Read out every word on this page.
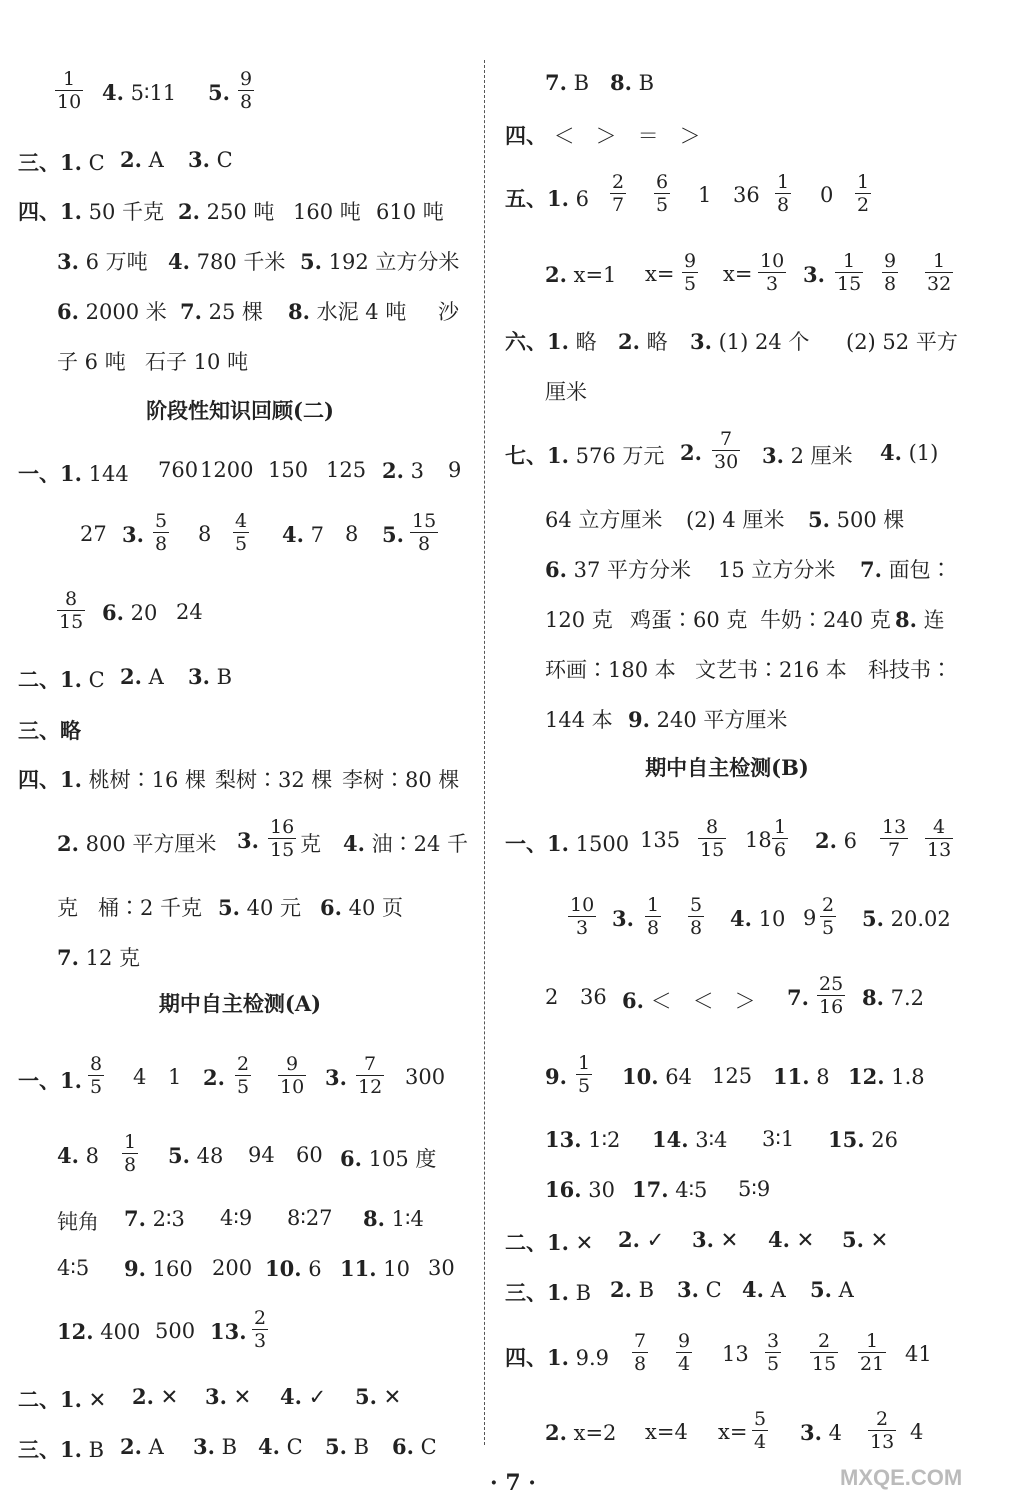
$\frac{1}{10} 4$. 5∶11 5. $\frac{9}{8}$
三、1. C 2. A 3. C
四、1. 50 千克 2. 250 吨 160 吨 610 吨
3. 6 万吨 4. 780 千米 5. 192 立方分米
6. 2000 米 7. 25 棵 8. 水泥 4 吨 沙
子 6 吨 石子 10 吨
一、1. 144 760 1200 150 125 2. 3 9
27 3. $\frac{5}{8} 8 \frac{4}{5} 4$. 7 8 5. $\frac{15}{8}$
$\frac{8}{15} 6$. 20 24
二、1. C 2. A 3. B
三、略
四、1. 桃树∶16 棵 梨树∶32 棵 李树∶80 棵
2. 800 平方厘米 3. $\frac{16}{15}$ 克 4. 油∶24 千
克 桶∶2 千克 5. 40 元 6. 40 页
7. 12 克
一、1. $\frac{8}{5} 4$ 1 2. $\frac{2}{5} \frac{9}{10} 3$. $\frac{7}{12} 300$
4. $8 \frac{1}{8} 5$. 48 94 60 6. 105 度
钝角 7. 2∶3 4∶9 8∶27 8. 1∶4
4∶5 9. 160 200 10. 6 11. 10 30
12. 400 500 13. $\frac{2}{3}$
二、1. ✕ 2. ✕ 3. ✕ 4. ✓ 5. ✕
三、1. B 2. A 3. B 4. C 5. B 6. C
7. B 8. B
四、 ＜　＞　＝　＞
五、1. $6 \frac{2}{7} \frac{6}{5} 1$ $36 \frac{1}{8} 0 \frac{1}{2}$
2. x=1 $x= \frac{9}{5} x= \frac{10}{3} 3$. $\frac{1}{15} \frac{9}{8} \frac{1}{32}$
六、1. 略 2. 略 3. (1) 24 个 (2) 52 平方
厘米
七、1. 576 万元 2. $\frac{7}{30} 3$. 2 厘米 4. (1)
64 立方厘米 (2) 4 厘米 5. 500 棵
6. 37 平方分米 15 立方分米 7. 面包∶
120 克 鸡蛋∶60 克 牛奶∶240 克 8. 连
环画∶180 本 文艺书∶216 本 科技书∶
144 本 9. 240 平方厘米
一、1. 1500 $135 \frac{8}{15} 18 \frac{1}{6} 2$. $6 \frac{13}{7} \frac{4}{13}$
$\frac{10}{3} 3$. $\frac{1}{8} \frac{5}{8} 4$. 10 $9 \frac{2}{5} 5$. 20.02
2 36 6. ＜　＜　＞ 7. $\frac{25}{16} 8$. 7.2
9. $\frac{1}{5} 10$. 64 125 11. 8 12. 1.8
13. 1∶2 14. 3∶4 3∶1 15. 26
16. 30 17. 4∶5 5∶9
二、1. ✕ 2. ✓ 3. ✕ 4. ✕ 5. ✕
三、1. B 2. B 3. C 4. A 5. A
四、1. $9.9 \frac{7}{8} \frac{9}{4} 13 \frac{3}{5} \frac{2}{15} \frac{1}{21} 41$
2. x=2 x=4 $x= \frac{5}{4} 3$. $4 \frac{2}{13} 4$
阶段性知识回顾(二)
期中自主检测(A)
期中自主检测(B)
· 7 ·	MXQE.COM
